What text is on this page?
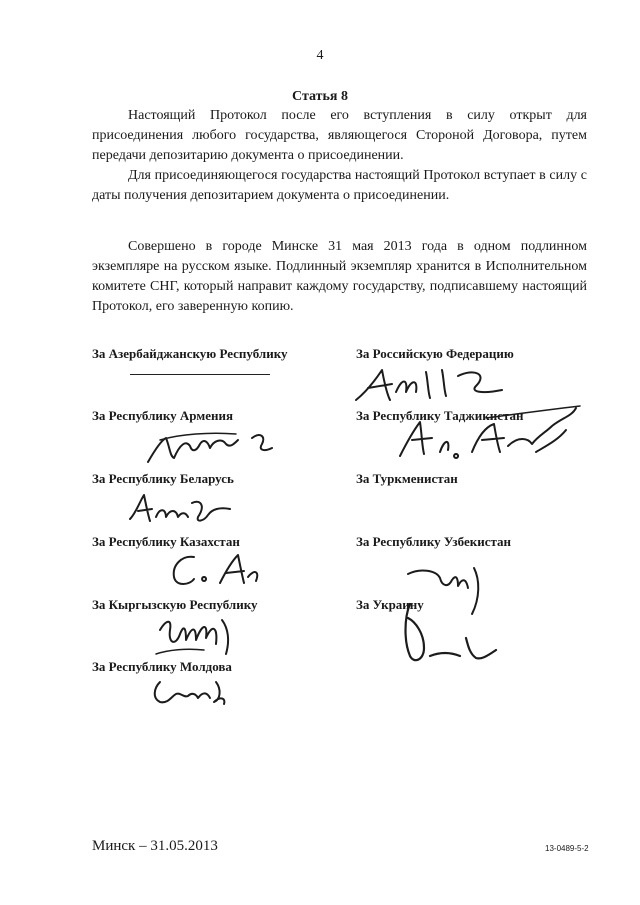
4
Статья 8

Настоящий Протокол после его вступления в силу открыт для присоединения любого государства, являющегося Стороной Договора, путем передачи депозитарию документа о присоединении.

Для присоединяющегося государства настоящий Протокол вступает в силу с даты получения депозитарием документа о присоединении.

Совершено в городе Минске 31 мая 2013 года в одном подлинном экземпляре на русском языке. Подлинный экземпляр хранится в Исполнительном комитете СНГ, который направит каждому государству, подписавшему настоящий Протокол, его заверенную копию.

За Азербайджанскую Республику
За Республику Армения
За Республику Беларусь
За Республику Казахстан
За Кыргызскую Республику
За Республику Молдова
За Российскую Федерацию
За Республику Таджикистан
За Туркменистан
За Республику Узбекистан
За Украину
Минск – 31.05.2013	13-0489-5-2
